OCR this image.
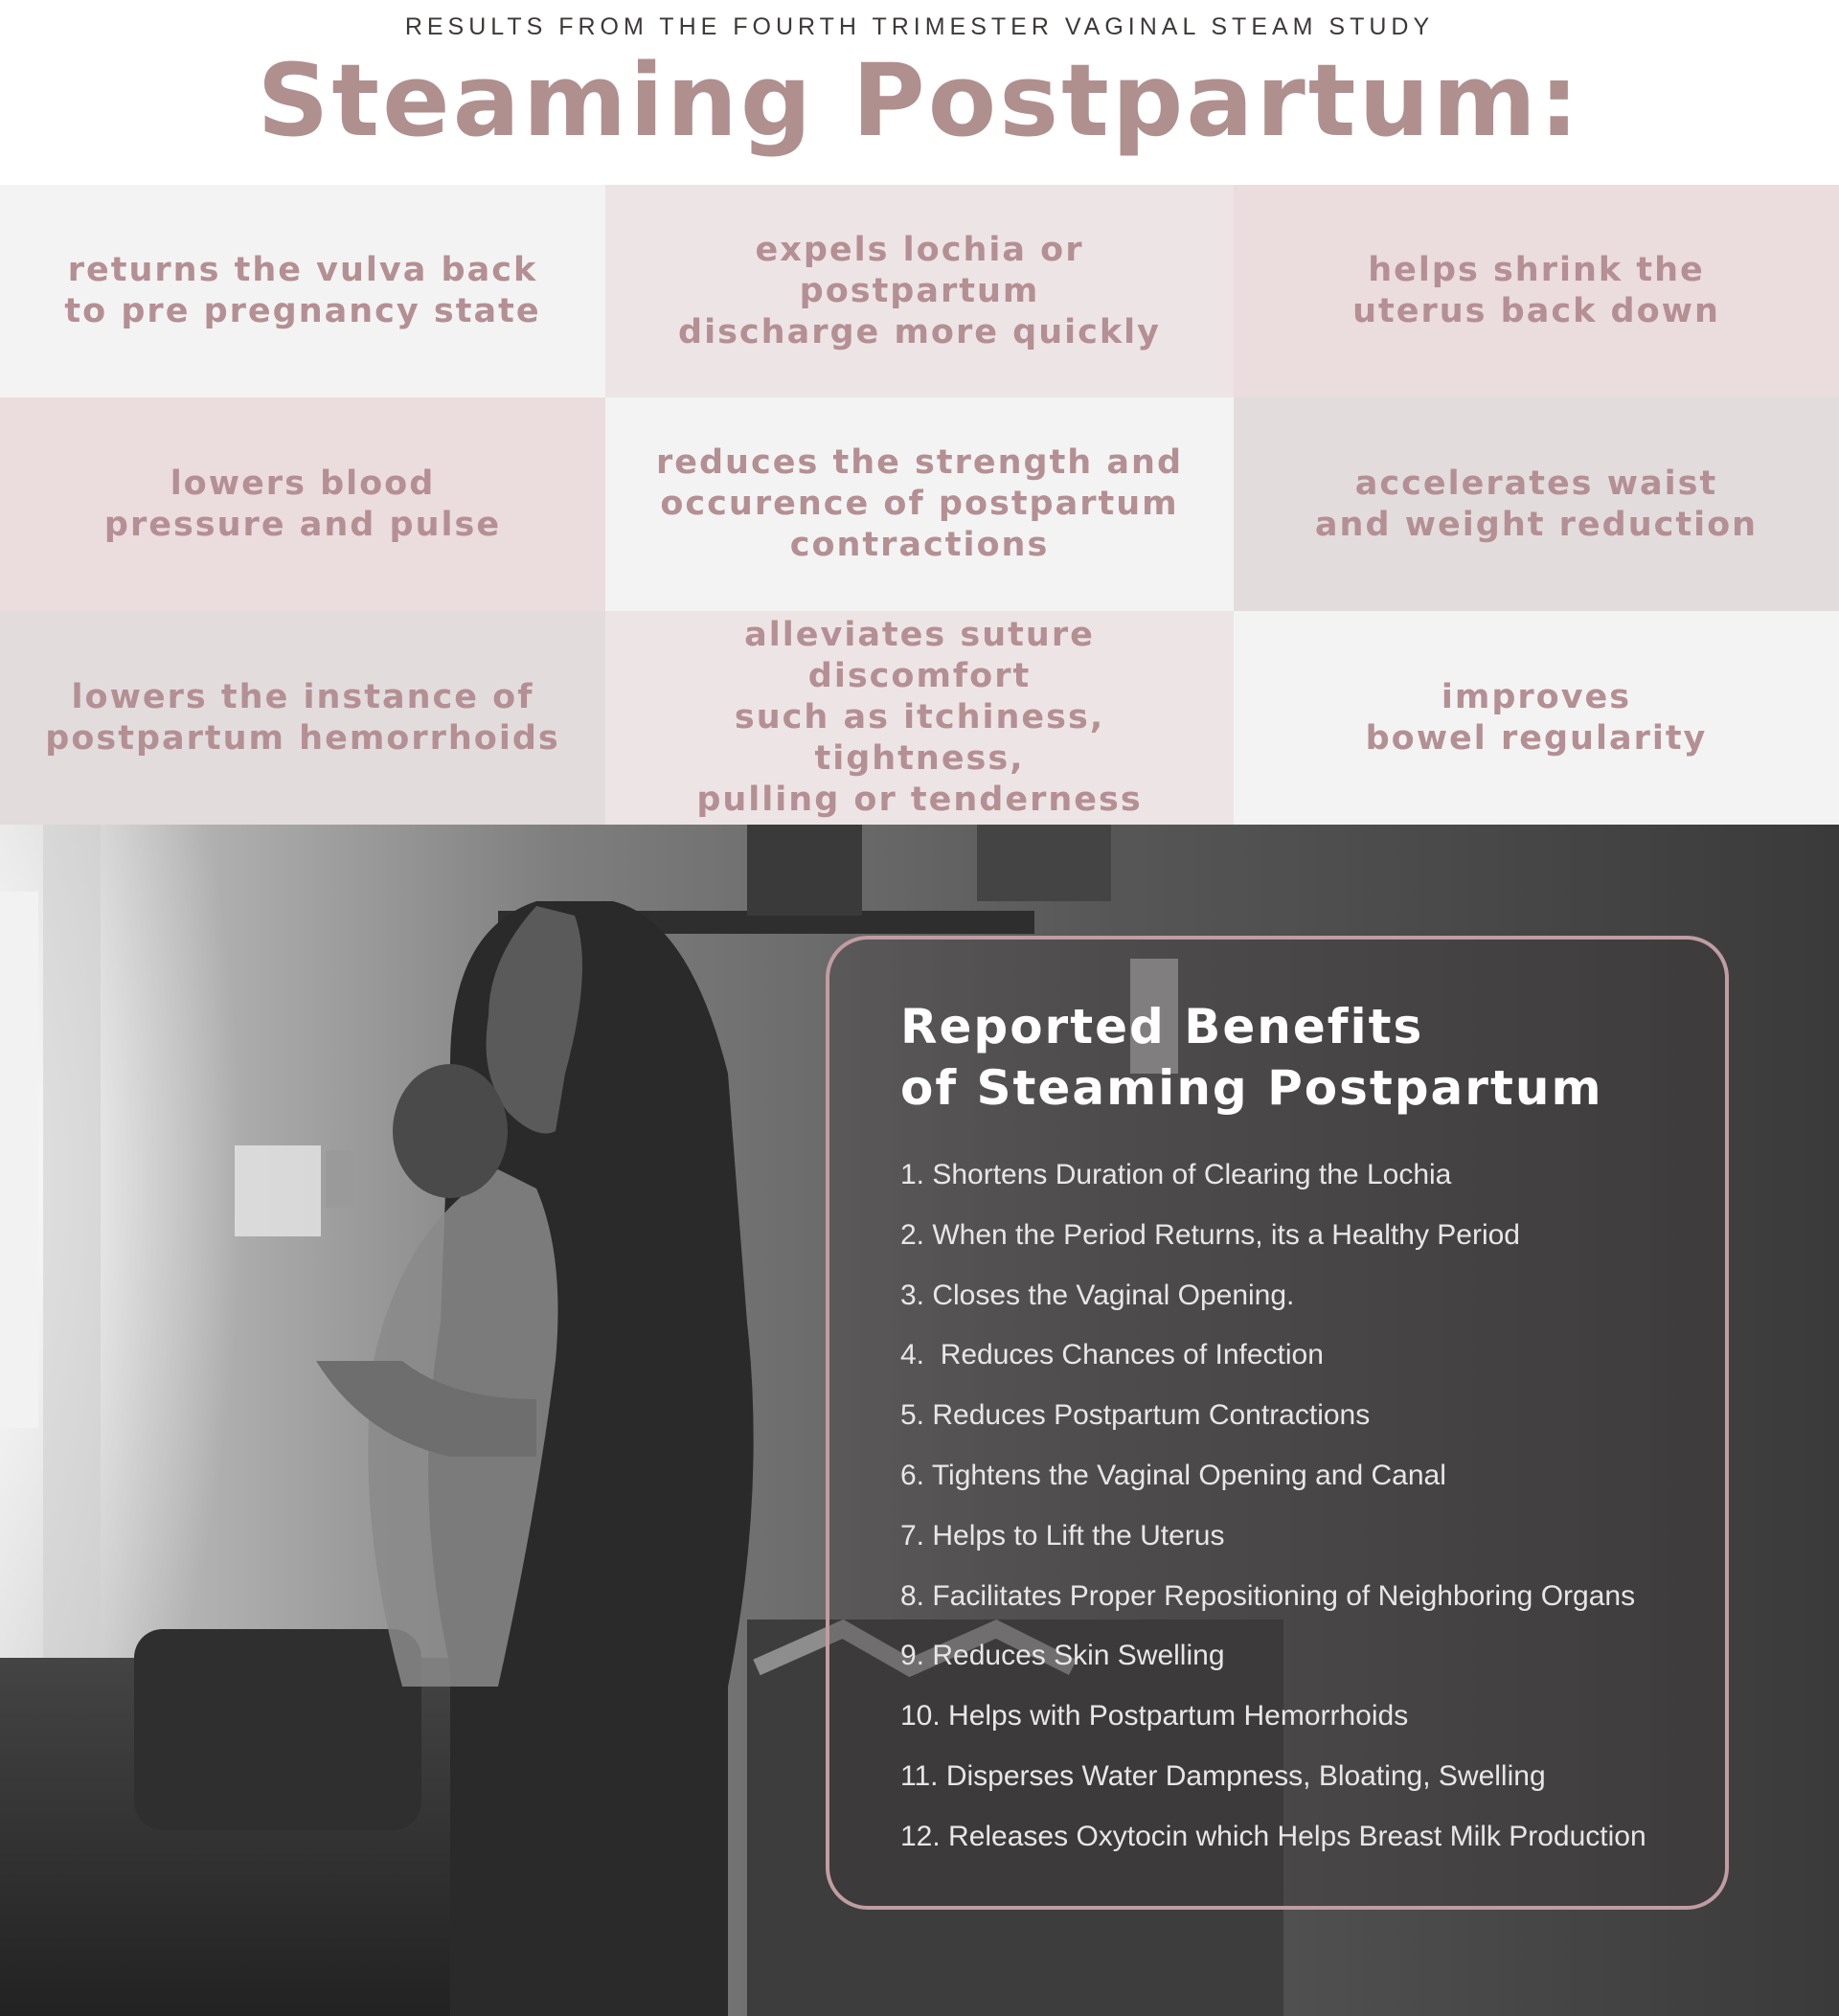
RESULTS FROM THE FOURTH TRIMESTER VAGINAL STEAM STUDY
Steaming Postpartum:
returns the vulva back
to pre pregnancy state
expels lochia or postpartum
discharge more quickly
helps shrink the
uterus back down
lowers blood
pressure and pulse
reduces the strength and
occurence of postpartum
contractions
accelerates waist
and weight reduction
lowers the instance of
postpartum hemorrhoids
alleviates suture discomfort
such as itchiness, tightness,
pulling or tenderness
improves
bowel regularity
Reported Benefits
of Steaming Postpartum
1. Shortens Duration of Clearing the Lochia
2. When the Period Returns, its a Healthy Period
3. Closes the Vaginal Opening.
4.  Reduces Chances of Infection
5. Reduces Postpartum Contractions
6. Tightens the Vaginal Opening and Canal
7. Helps to Lift the Uterus
8. Facilitates Proper Repositioning of Neighboring Organs
9. Reduces Skin Swelling
10. Helps with Postpartum Hemorrhoids
11. Disperses Water Dampness, Bloating, Swelling
12. Releases Oxytocin which Helps Breast Milk Production
